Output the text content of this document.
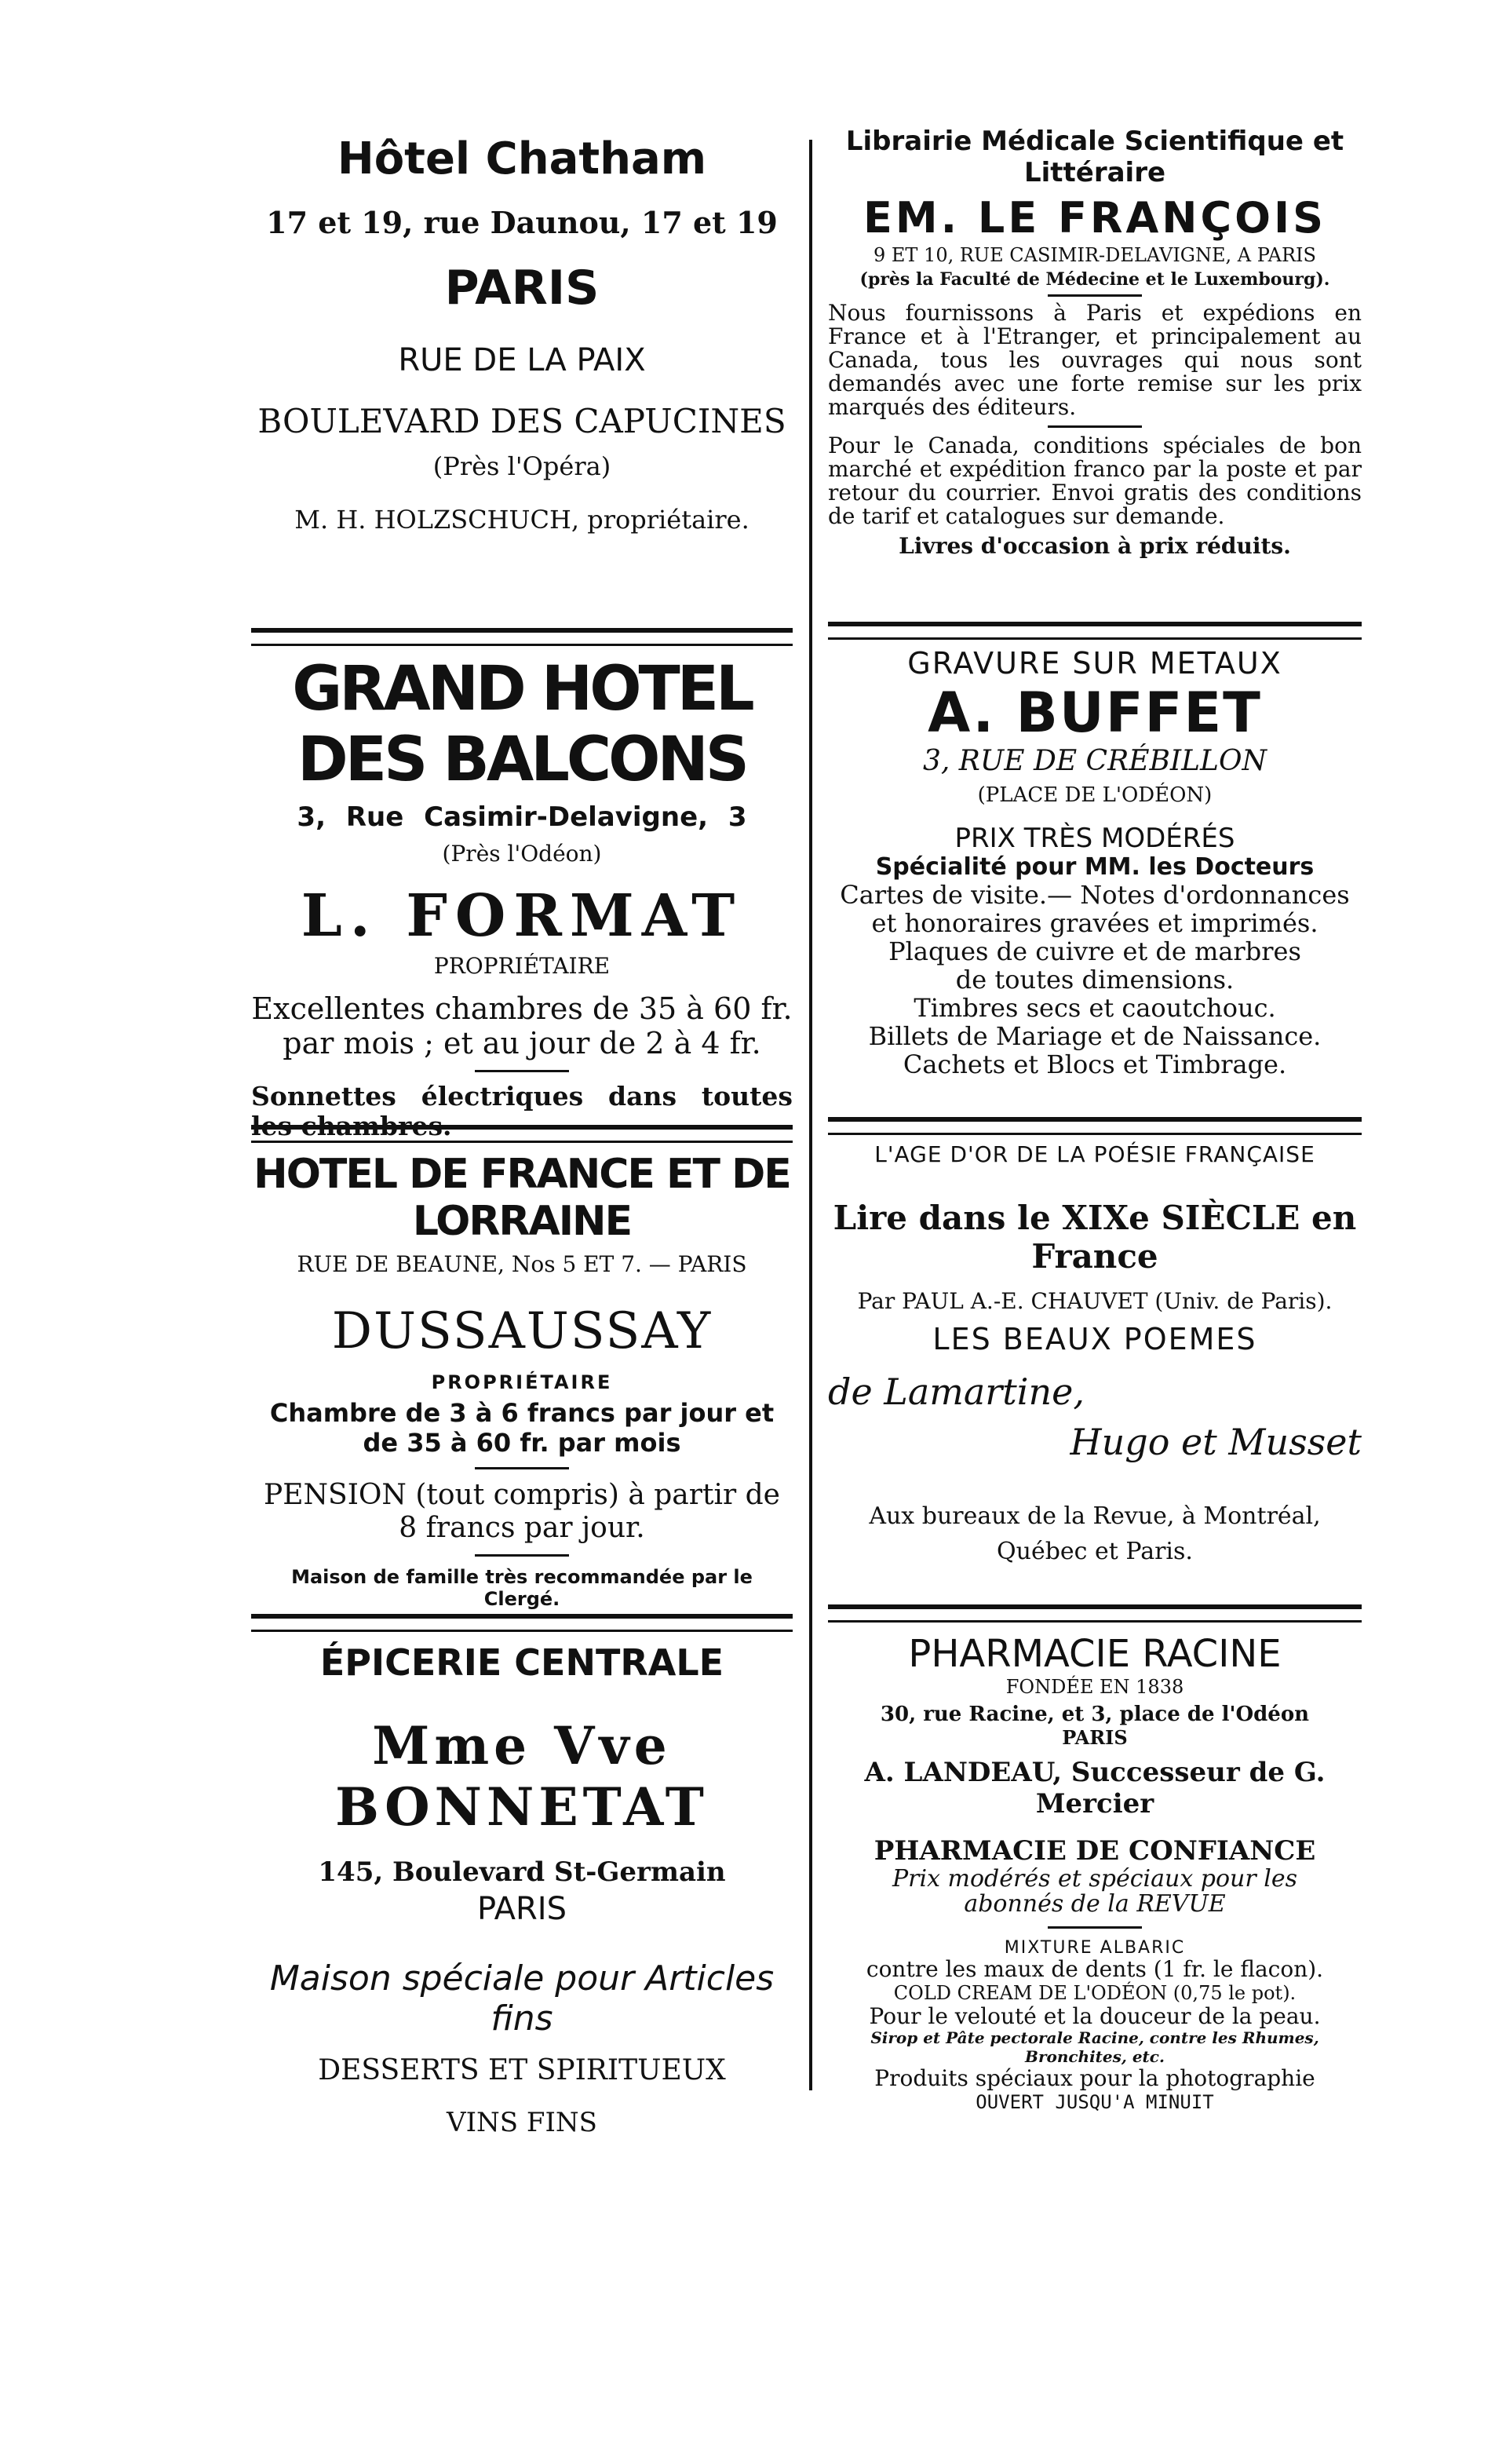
Hôtel Chatham

17 et 19, rue Daunou, 17 et 19

PARIS

RUE DE LA PAIX

BOULEVARD DES CAPUCINES

(Près l'Opéra)

M. H. HOLZSCHUCH, propriétaire.

GRAND HOTEL DES BALCONS

3, Rue Casimir-Delavigne, 3

(Près l'Odéon)

L. FORMAT

PROPRIÉTAIRE

Excellentes chambres de 35 à 60 fr. par mois ; et au jour de 2 à 4 fr.

Sonnettes électriques dans toutes les chambres.

HOTEL DE FRANCE ET DE LORRAINE

RUE DE BEAUNE, Nos 5 ET 7. — PARIS

DUSSAUSSAY

PROPRIÉTAIRE

Chambre de 3 à 6 francs par jour et de 35 à 60 fr. par mois

PENSION (tout compris) à partir de 8 francs par jour.

Maison de famille très recommandée par le Clergé.

ÉPICERIE CENTRALE

Mme Vve BONNETAT

145, Boulevard St-Germain

PARIS

Maison spéciale pour Articles fins

DESSERTS ET SPIRITUEUX

VINS FINS

Librairie Médicale Scientifique et Littéraire

EM. LE FRANÇOIS

9 ET 10, RUE CASIMIR-DELAVIGNE, A PARIS

(près la Faculté de Médecine et le Luxembourg).

Nous fournissons à Paris et expédions en France et à l'Etranger, et principalement au Canada, tous les ouvrages qui nous sont demandés avec une forte remise sur les prix marqués des éditeurs.

Pour le Canada, conditions spéciales de bon marché et expédition franco par la poste et par retour du courrier. Envoi gratis des conditions de tarif et catalogues sur demande.

Livres d'occasion à prix réduits.

GRAVURE SUR METAUX

A. BUFFET

3, RUE DE CRÉBILLON

(PLACE DE L'ODÉON)

PRIX TRÈS MODÉRÉS

Spécialité pour MM. les Docteurs

Cartes de visite.— Notes d'ordonnances

et honoraires gravées et imprimés.

Plaques de cuivre et de marbres

de toutes dimensions.

Timbres secs et caoutchouc.

Billets de Mariage et de Naissance.

Cachets et Blocs et Timbrage.

L'AGE D'OR DE LA POÉSIE FRANÇAISE

Lire dans le XIXe SIÈCLE en France

Par PAUL A.-E. CHAUVET (Univ. de Paris).

LES BEAUX POEMES

de Lamartine,

Hugo et Musset

Aux bureaux de la Revue, à Montréal,

Québec et Paris.

PHARMACIE RACINE

FONDÉE EN 1838

30, rue Racine, et 3, place de l'Odéon

PARIS

A. LANDEAU, Successeur de G. Mercier

PHARMACIE DE CONFIANCE

Prix modérés et spéciaux pour les abonnés de la REVUE

MIXTURE ALBARIC

contre les maux de dents (1 fr. le flacon).

COLD CREAM DE L'ODÉON (0,75 le pot).

Pour le velouté et la douceur de la peau.

Sirop et Pâte pectorale Racine, contre les Rhumes, Bronchites, etc.

Produits spéciaux pour la photographie

OUVERT JUSQU'A MINUIT
